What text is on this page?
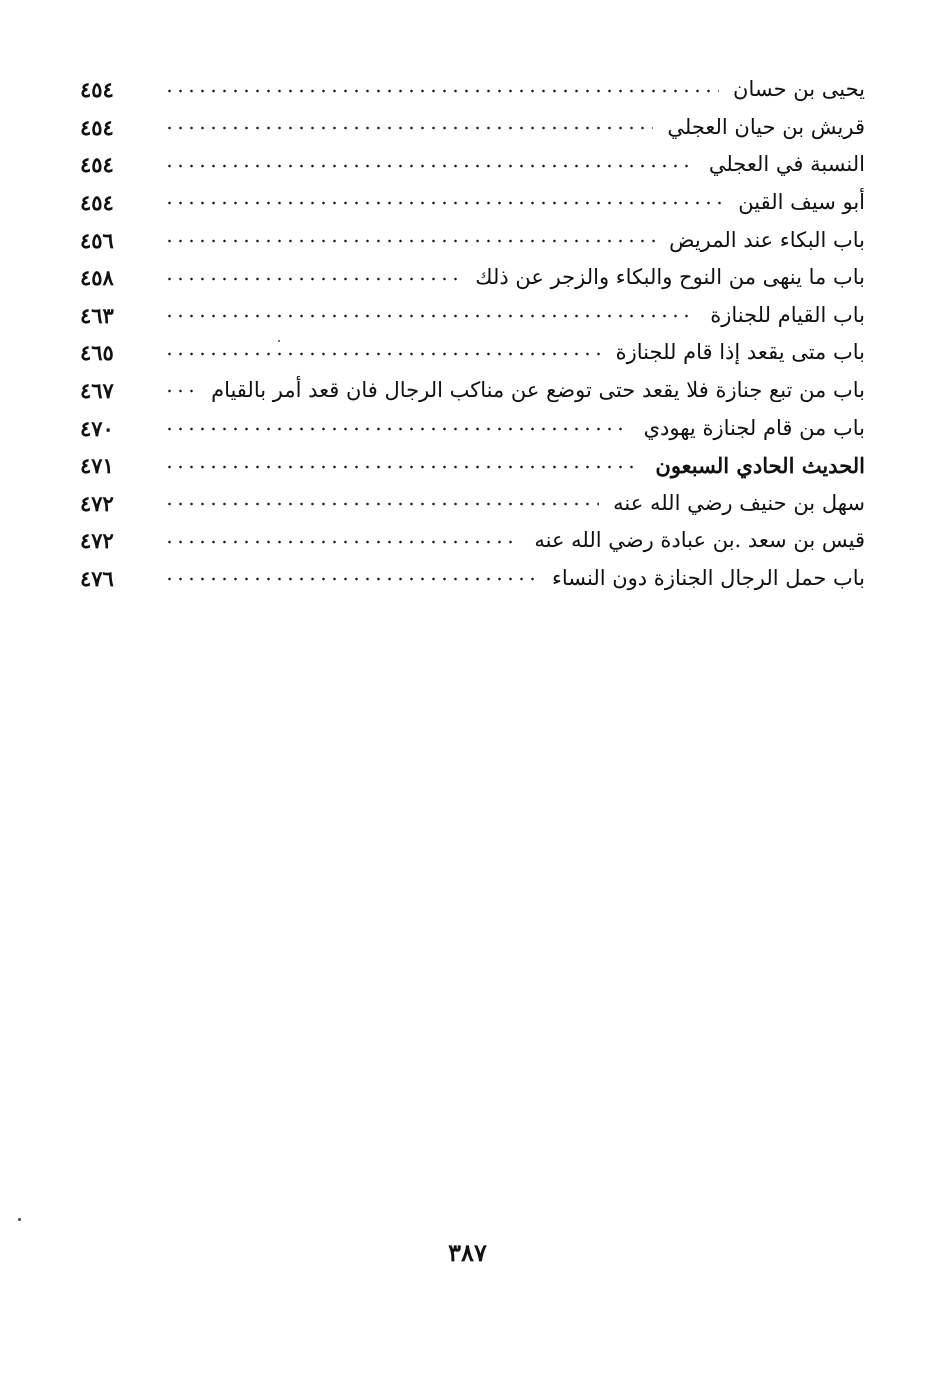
يحيى بن حسان
٤٥٤
قريش بن حيان العجلي
٤٥٤
النسبة في العجلي
٤٥٤
أبو سيف القين
٤٥٤
باب البكاء عند المريض
٤٥٦
باب ما ينهى من النوح والبكاء والزجر عن ذلك
٤٥٨
باب القيام للجنازة
٤٦٣
باب متى يقعد إذا قام للجنازة
٤٦٥
باب من تبع جنازة فلا يقعد حتى توضع عن مناكب الرجال فان قعد أمر بالقيام
٤٦٧
باب من قام لجنازة يهودي
٤٧٠
الحديث الحادي السبعون
٤٧١
سهل بن حنيف رضي الله عنه
٤٧٢
قيس بن سعد .بن عبادة رضي الله عنه
٤٧٢
باب حمل الرجال الجنازة دون النساء
٤٧٦
٣٨٧
